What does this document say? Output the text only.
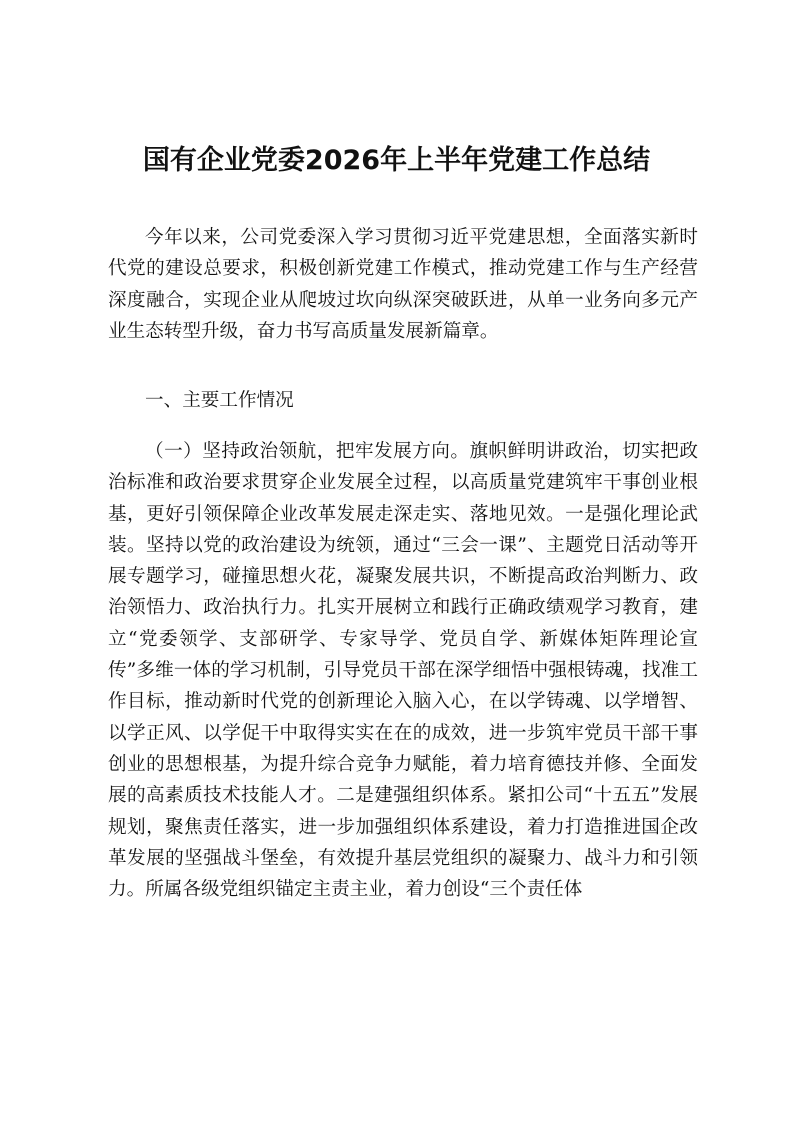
国有企业党委2026年上半年党建工作总结

今年以来，公司党委深入学习贯彻习近平党建思想，全面落实新时代党的建设总要求，积极创新党建工作模式，推动党建工作与生产经营深度融合，实现企业从爬坡过坎向纵深突破跃进，从单一业务向多元产业生态转型升级，奋力书写高质量发展新篇章。

一、主要工作情况

（一）坚持政治领航，把牢发展方向。旗帜鲜明讲政治，切实把政治标准和政治要求贯穿企业发展全过程，以高质量党建筑牢干事创业根基，更好引领保障企业改革发展走深走实、落地见效。一是强化理论武装。坚持以党的政治建设为统领，通过“三会一课”、主题党日活动等开展专题学习，碰撞思想火花，凝聚发展共识，不断提高政治判断力、政治领悟力、政治执行力。扎实开展树立和践行正确政绩观学习教育，建立“党委领学、支部研学、专家导学、党员自学、新媒体矩阵理论宣传”多维一体的学习机制，引导党员干部在深学细悟中强根铸魂，找准工作目标，推动新时代党的创新理论入脑入心，在以学铸魂、以学增智、以学正风、以学促干中取得实实在在的成效，进一步筑牢党员干部干事创业的思想根基，为提升综合竞争力赋能，着力培育德技并修、全面发展的高素质技术技能人才。二是建强组织体系。紧扣公司“十五五”发展规划，聚焦责任落实，进一步加强组织体系建设，着力打造推进国企改革发展的坚强战斗堡垒，有效提升基层党组织的凝聚力、战斗力和引领力。所属各级党组织锚定主责主业，着力创设“三个责任体
